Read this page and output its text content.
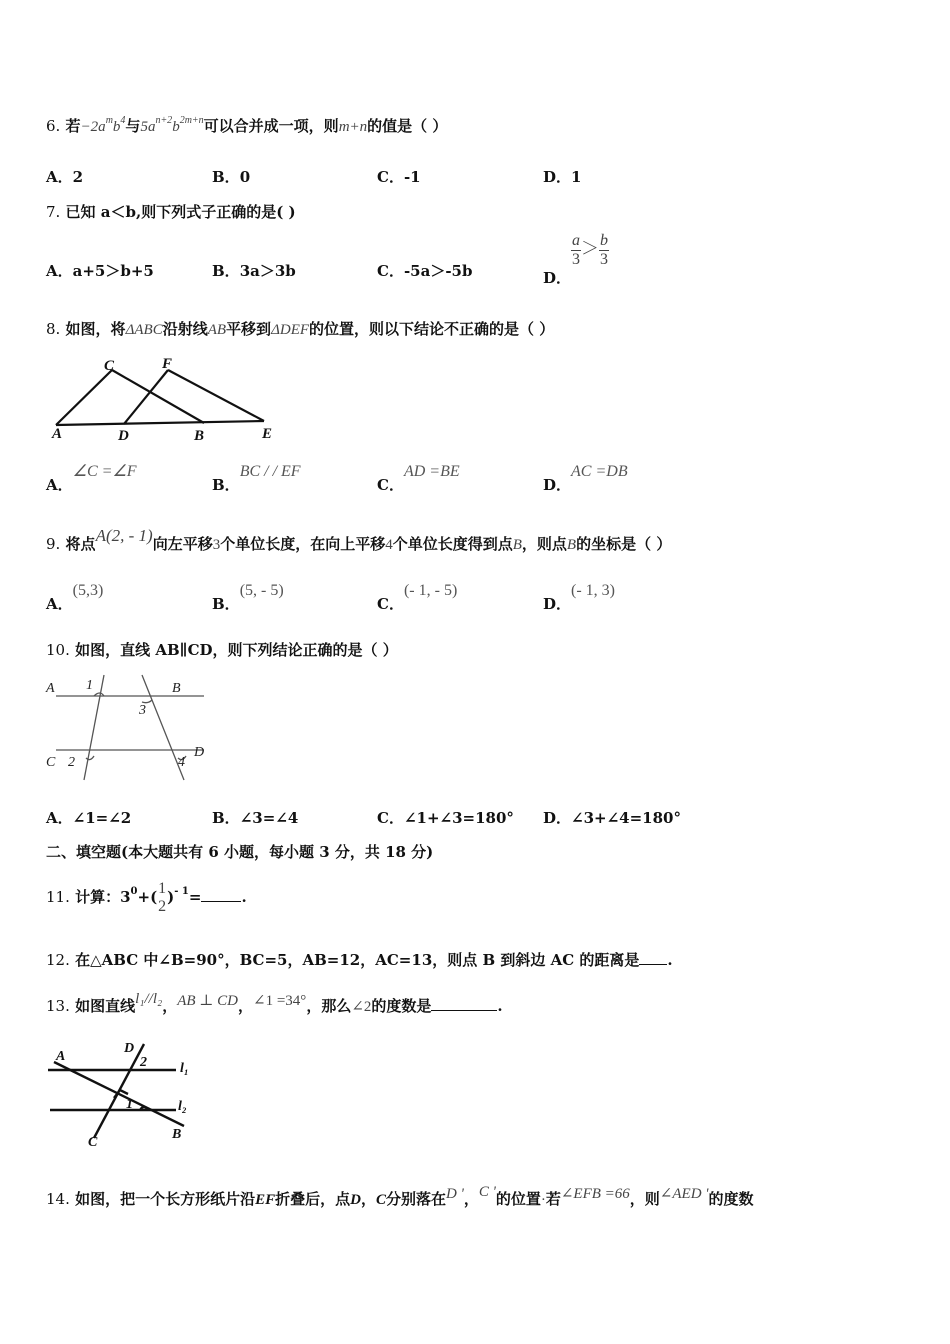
6. 若$-2a^mb^4$与$5a^{n+2}b^{2m+n}$可以合并成一项，则m+n的值是（ ）
A．2	B．0	C．-1	D．1
7. 已知 a＜b,则下列式子正确的是( )
A．a+5＞b+5	B．3a＞3b	C．-5a＞-5b	D．
$\frac{a}{3} > \frac{b}{3}$
8. 如图，将ΔABC沿射线AB平移到ΔDEF的位置，则以下结论不正确的是（ ）
C	F
A	D	B	E
A．∠C =∠F
B．BC / / EF
C．AD =BE
D．AC =DB
9. 将点A(2, - 1)向左平移3个单位长度，在向上平移4个单位长度得到点B，则点B的坐标是（ ）
A．(5,3)
B．(5, - 5)
C．(- 1, - 5)
D．(- 1, 3)
10. 如图，直线 AB∥CD，则下列结论正确的是（ ）
A 1	B
3
C 2	4
D
A．∠1=∠2	B．∠3=∠4	C．∠1+∠3=180° D．∠3+∠4=180°
二、填空题(本大题共有 6 小题，每小题 3 分，共 18 分)
11. 计算：$3^0+$( 1
2
)$^{- 1}$=	.
12. 在△ABC 中∠B=90°，BC=5，AB=12，AC=13，则点 B 到斜边 AC 的距离是 .
13. 如图直线l₁//l₂，AB ⊥ CD，∠1 =34°，那么∠2的度数是	.
A
D
2 l₁
1	l₂
C
B
14. 如图，把一个长方形纸片沿EF折叠后，点D，C分别落在D '，C '的位置·若∠EFB =66，则∠AED '的度数
